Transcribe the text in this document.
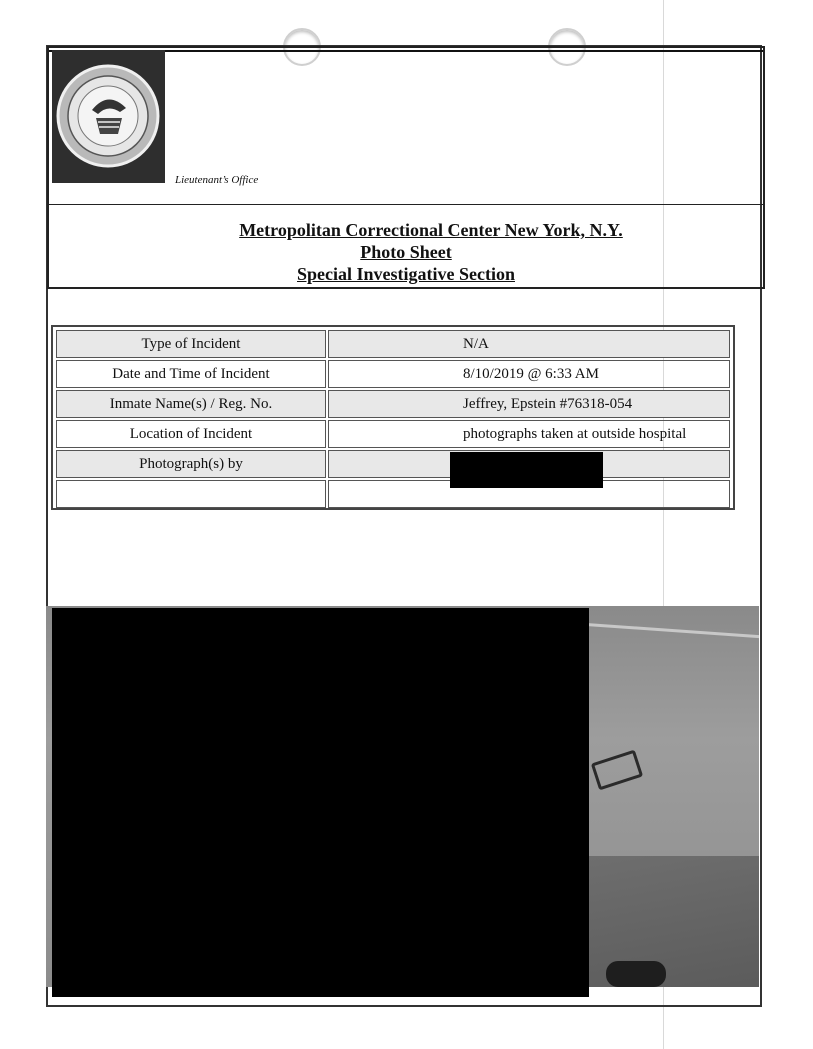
Lieutenant’s Office
Metropolitan Correctional Center New York, N.Y.
Photo Sheet
Special Investigative Section
Type of Incident	N/A
Date and Time of Incident	8/10/2019 @ 6:33 AM
Inmate Name(s) / Reg. No.	Jeffrey, Epstein #76318-054
Location of Incident	photographs taken at outside hospital
Photograph(s) by
